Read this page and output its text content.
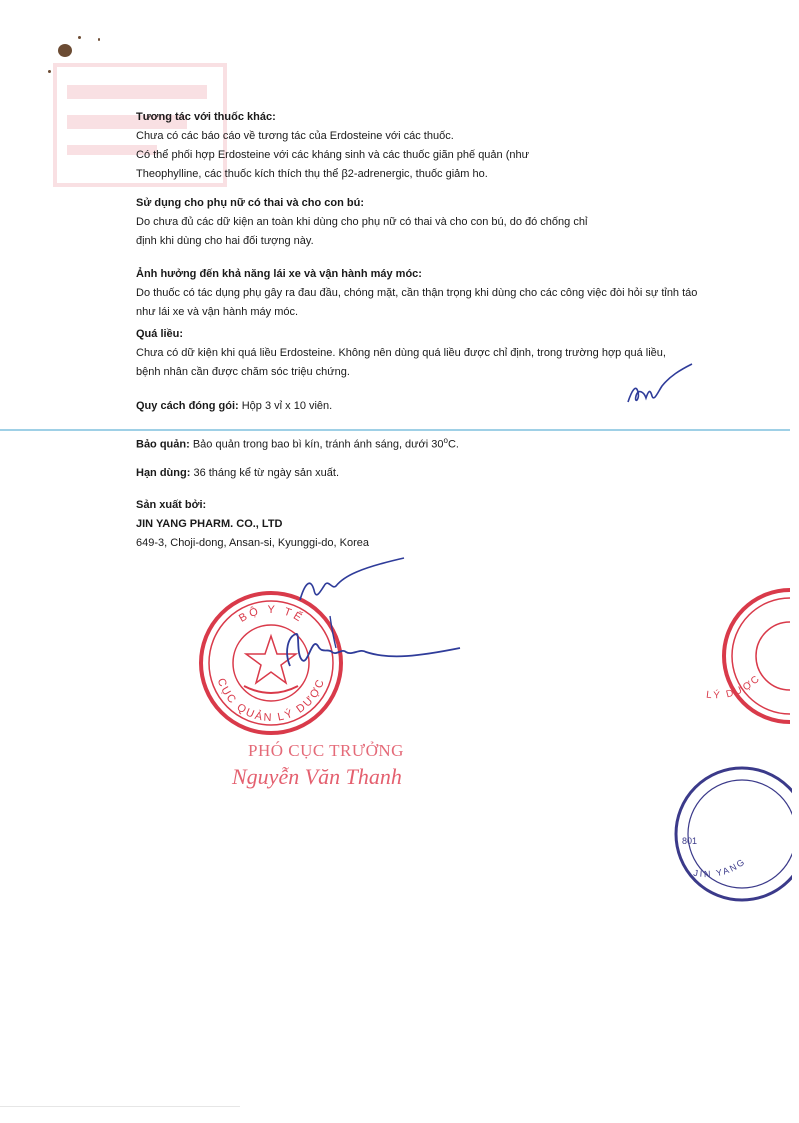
Tương tác với thuốc khác:
Chưa có các báo cáo về tương tác của Erdosteine với các thuốc.
Có thể phối hợp Erdosteine với các kháng sinh và các thuốc giãn phế quản (như
Theophylline, các thuốc kích thích thụ thể β2-adrenergic, thuốc giảm ho.
Sử dụng cho phụ nữ có thai và cho con bú:
Do chưa đủ các dữ kiện an toàn khi dùng cho phụ nữ có thai và cho con bú, do đó chống chỉ
định khi dùng cho hai đối tượng này.
Ảnh hưởng đến khả năng lái xe và vận hành máy móc:
Do thuốc có tác dụng phụ gây ra đau đầu, chóng mặt, cần thận trọng khi dùng cho các công việc đòi hỏi sự tỉnh táo
như lái xe và vận hành máy móc.
Quá liều:
Chưa có dữ kiện khi quá liều Erdosteine. Không nên dùng quá liều được chỉ định, trong trường hợp quá liều,
bệnh nhân cần được chăm sóc triệu chứng.
Quy cách đóng gói: Hộp 3 vỉ x 10 viên.
Bảo quản: Bảo quản trong bao bì kín, tránh ánh sáng, dưới 30$^o$C.
Hạn dùng: 36 tháng kể từ ngày sản xuất.
Sản xuất bởi:
JIN YANG PHARM. CO., LTD
649-3, Choji-dong, Ansan-si, Kyunggi-do, Korea
BỘ Y TẾ
CỤC QUẢN LÝ DƯỢC
LÝ DƯỢC
PHÓ CỤC TRƯỞNG
Nguyễn Văn Thanh
JIN YANG
801
